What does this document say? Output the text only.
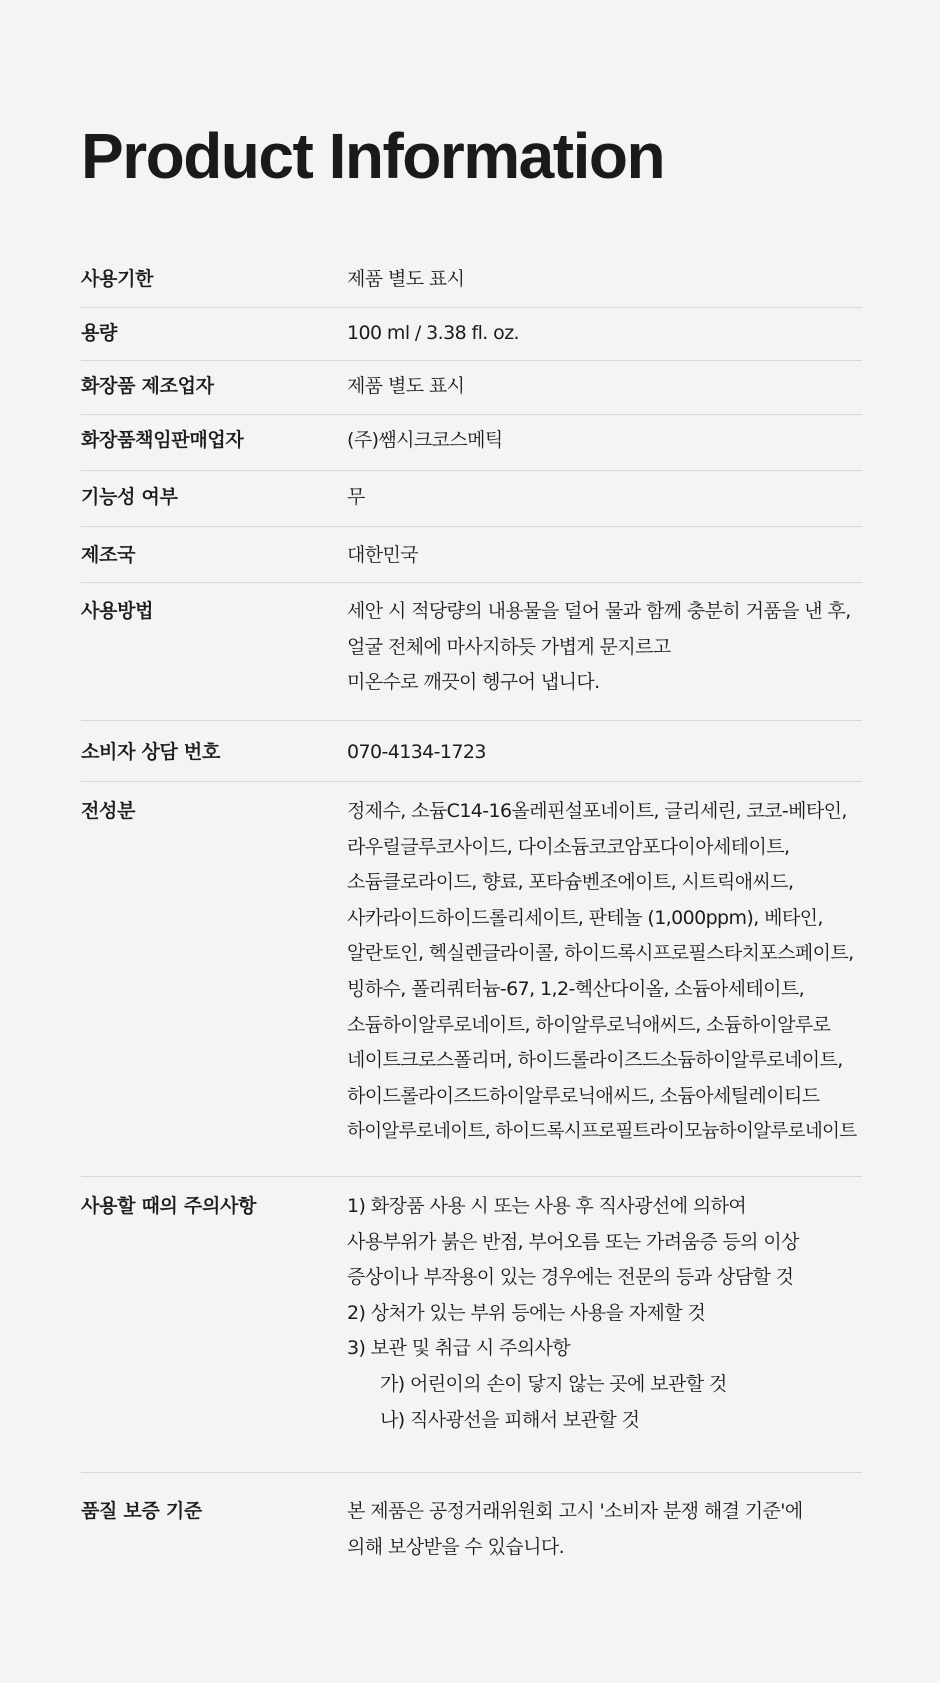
Product Information
사용기한	제품 별도 표시
용량	100 ml / 3.38 fl. oz.
화장품 제조업자	제품 별도 표시
화장품책임판매업자	(주)쌤시크코스메틱
기능성 여부	무
제조국	대한민국
사용방법	세안 시 적당량의 내용물을 덜어 물과 함께 충분히 거품을 낸 후,
얼굴 전체에 마사지하듯 가볍게 문지르고
미온수로 깨끗이 헹구어 냅니다.
소비자 상담 번호	070-4134-1723
전성분	정제수, 소듐C14-16올레핀설포네이트, 글리세린, 코코-베타인,
라우릴글루코사이드, 다이소듐코코암포다이아세테이트,
소듐클로라이드, 향료, 포타슘벤조에이트, 시트릭애씨드,
사카라이드하이드롤리세이트, 판테놀 (1,000ppm), 베타인,
알란토인, 헥실렌글라이콜, 하이드록시프로필스타치포스페이트,
빙하수, 폴리쿼터늄-67, 1,2-헥산다이올, 소듐아세테이트,
소듐하이알루로네이트, 하이알루로닉애씨드, 소듐하이알루로
네이트크로스폴리머, 하이드롤라이즈드소듐하이알루로네이트,
하이드롤라이즈드하이알루로닉애씨드, 소듐아세틸레이티드
하이알루로네이트, 하이드록시프로필트라이모늄하이알루로네이트
사용할 때의 주의사항	1) 화장품 사용 시 또는 사용 후 직사광선에 의하여
사용부위가 붉은 반점, 부어오름 또는 가려움증 등의 이상
증상이나 부작용이 있는 경우에는 전문의 등과 상담할 것
2) 상처가 있는 부위 등에는 사용을 자제할 것
3) 보관 및 취급 시 주의사항
가) 어린이의 손이 닿지 않는 곳에 보관할 것
나) 직사광선을 피해서 보관할 것
품질 보증 기준	본 제품은 공정거래위원회 고시 '소비자 분쟁 해결 기준'에
의해 보상받을 수 있습니다.
